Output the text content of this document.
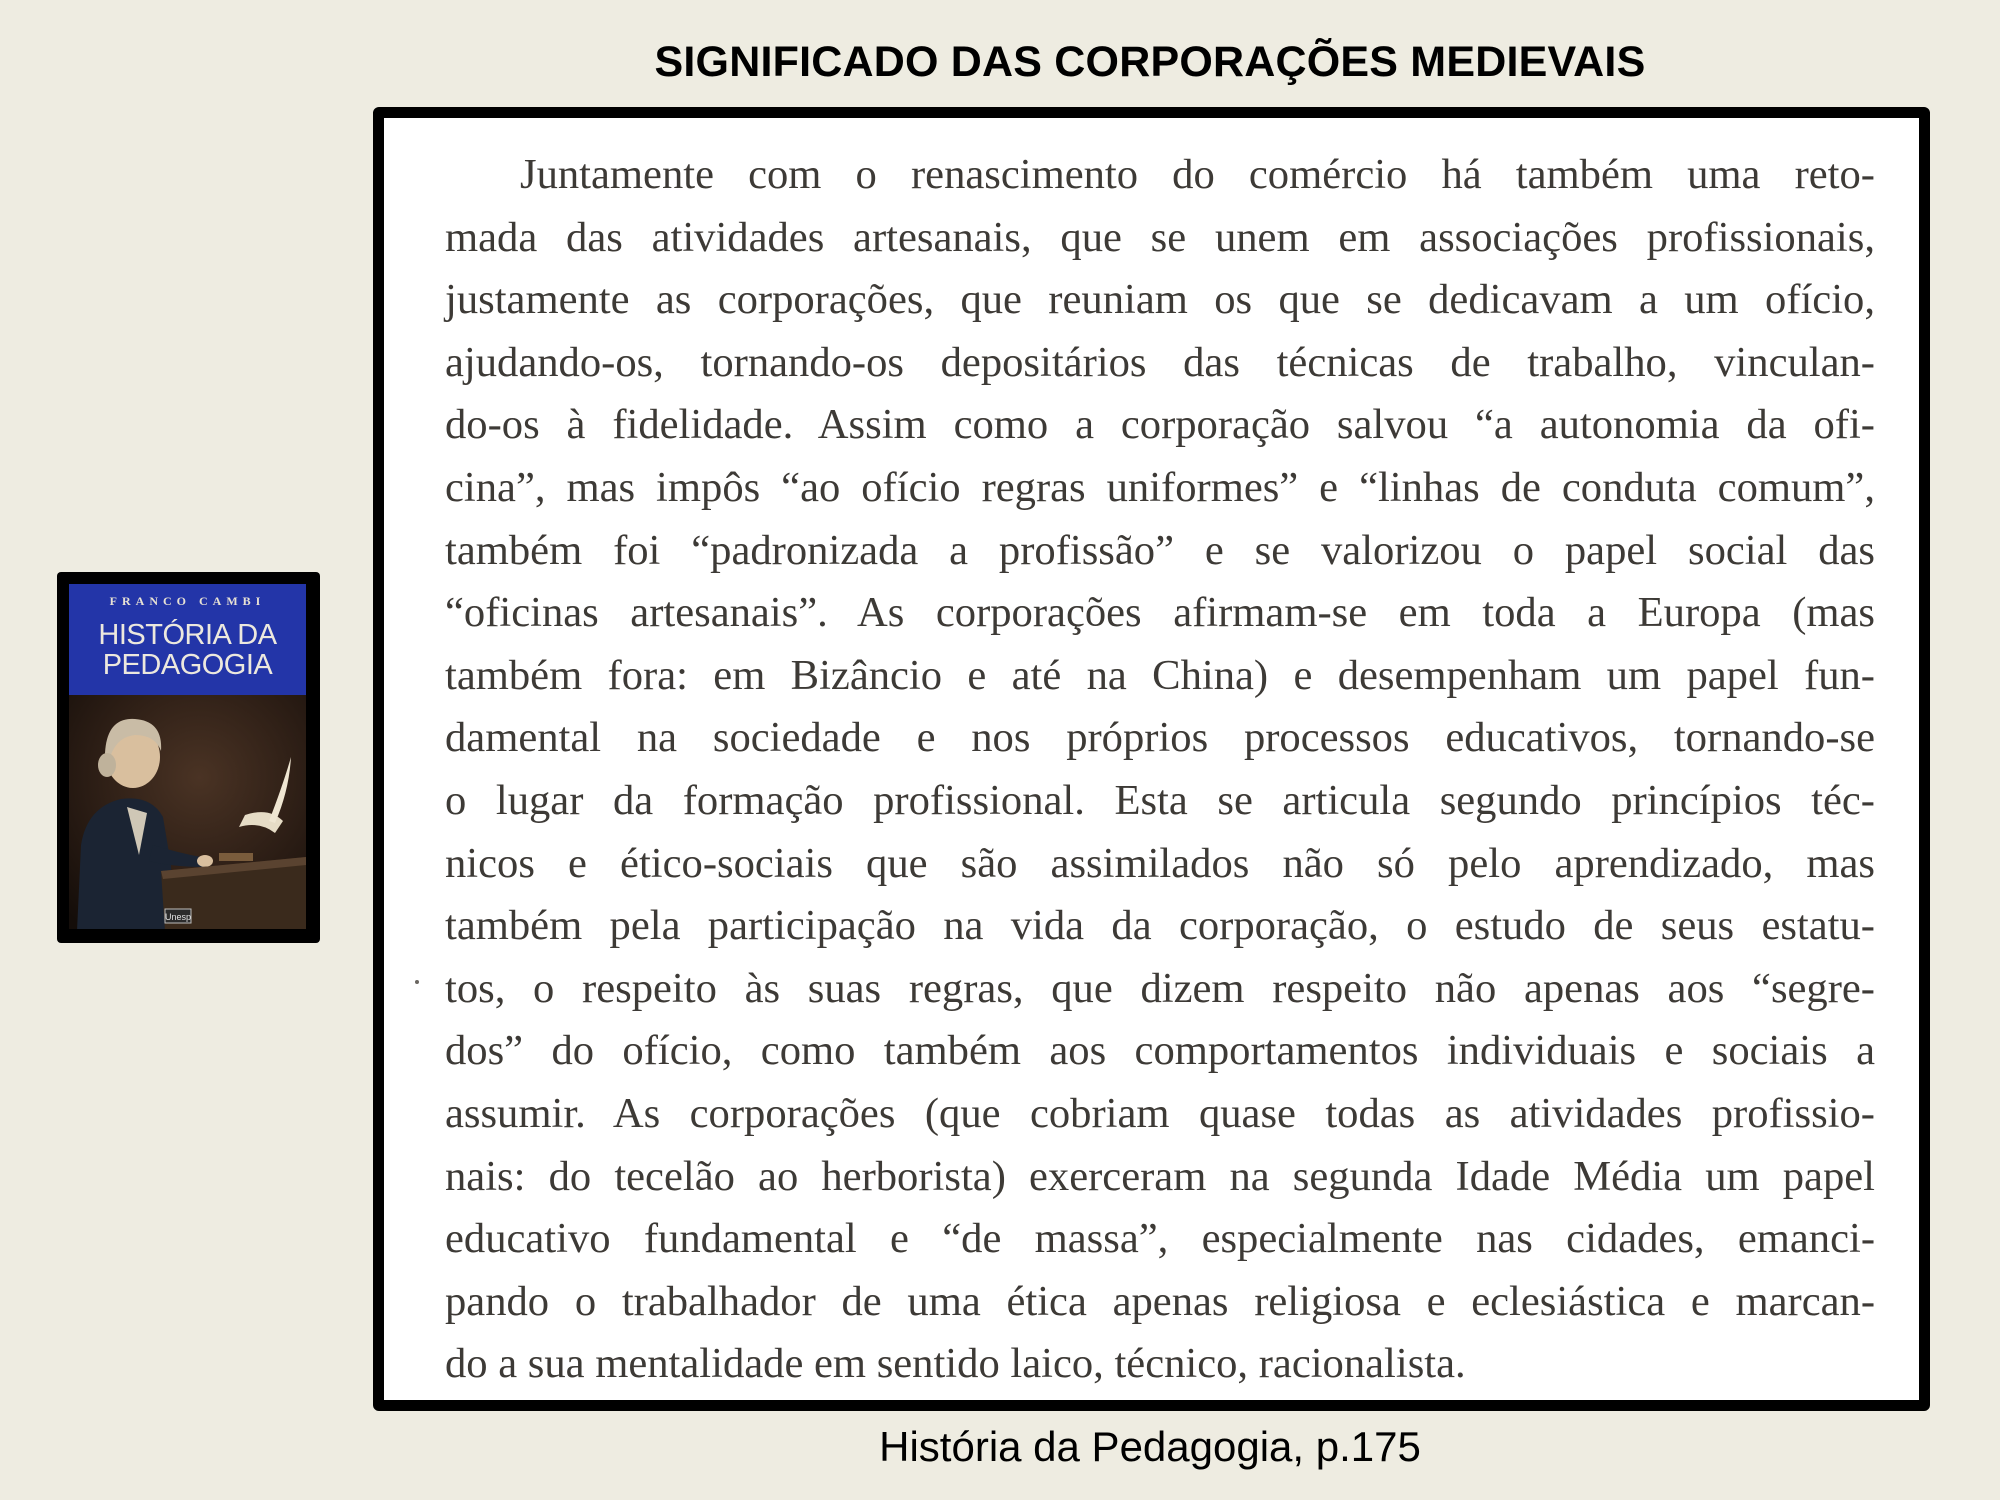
SIGNIFICADO DAS CORPORAÇÕES MEDIEVAIS
FRANCO CAMBI
HISTÓRIA DA
PEDAGOGIA
Unesp
Juntamente com o renascimento do comércio há também uma reto-
mada das atividades artesanais, que se unem em associações profissionais,
justamente as corporações, que reuniam os que se dedicavam a um ofício,
ajudando-os, tornando-os depositários das técnicas de trabalho, vinculan-
do-os à fidelidade. Assim como a corporação salvou “a autonomia da ofi-
cina”, mas impôs “ao ofício regras uniformes” e “linhas de conduta comum”,
também foi “padronizada a profissão” e se valorizou o papel social das
“oficinas artesanais”. As corporações afirmam-se em toda a Europa (mas
também fora: em Bizâncio e até na China) e desempenham um papel fun-
damental na sociedade e nos próprios processos educativos, tornando-se
o lugar da formação profissional. Esta se articula segundo princípios téc-
nicos e ético-sociais que são assimilados não só pelo aprendizado, mas
também pela participação na vida da corporação, o estudo de seus estatu-
tos, o respeito às suas regras, que dizem respeito não apenas aos “segre-
dos” do ofício, como também aos comportamentos individuais e sociais a
assumir. As corporações (que cobriam quase todas as atividades profissio-
nais: do tecelão ao herborista) exerceram na segunda Idade Média um papel
educativo fundamental e “de massa”, especialmente nas cidades, emanci-
pando o trabalhador de uma ética apenas religiosa e eclesiástica e marcan-
do a sua mentalidade em sentido laico, técnico, racionalista.
História da Pedagogia, p.175
